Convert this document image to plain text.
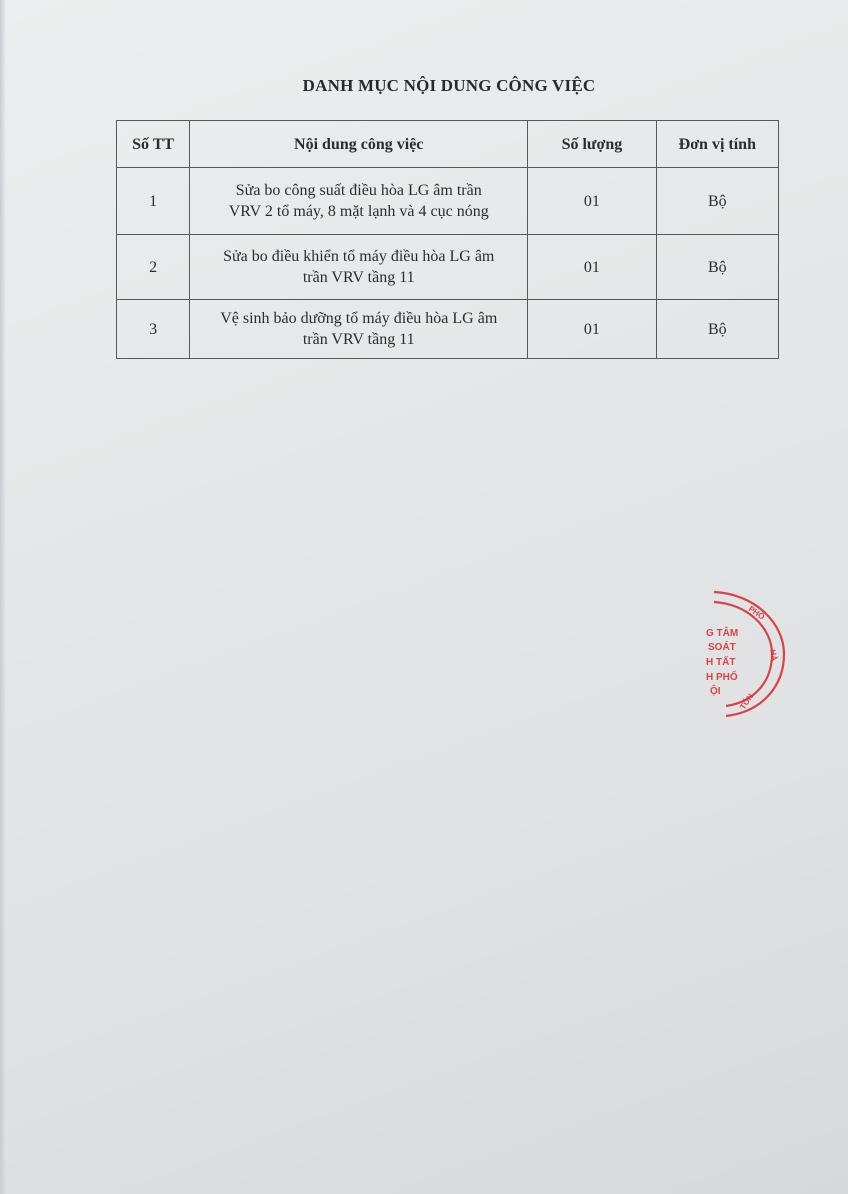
DANH MỤC NỘI DUNG CÔNG VIỆC
Số TT	Nội dung công việc	Số lượng	Đơn vị tính
1	Sửa bo công suất điều hòa LG âm trần
VRV 2 tổ máy, 8 mặt lạnh và 4 cục nóng	01	Bộ
2	Sửa bo điều khiển tổ máy điều hòa LG âm
trần VRV tầng 11	01	Bộ
3	Vệ sinh bảo dưỡng tổ máy điều hòa LG âm
trần VRV tầng 11	01	Bộ
PHỐ
HÀ
TỐN
G TÂM
SOÁT
H TẤT
H PHỐ
ỘI
